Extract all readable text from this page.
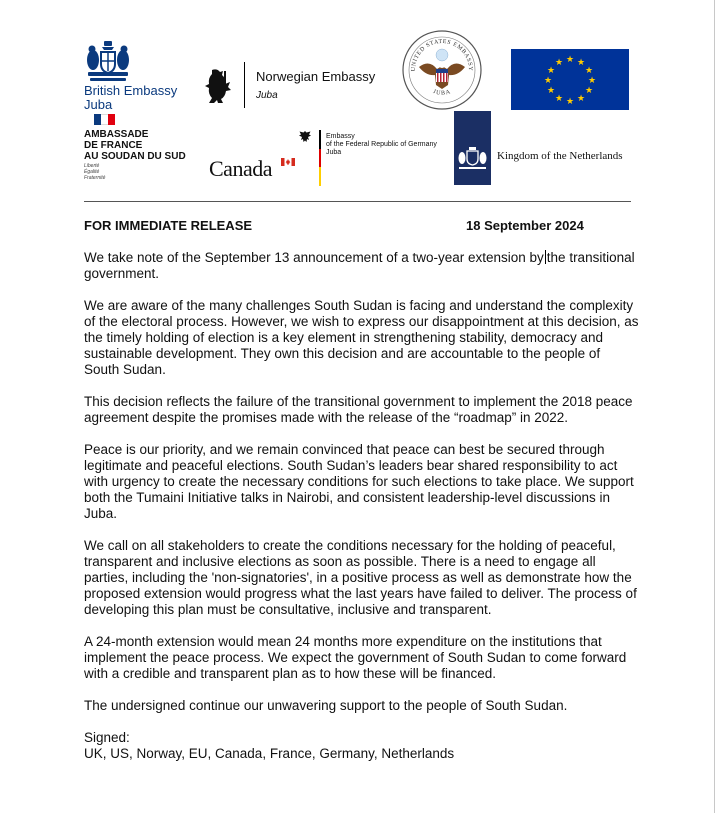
British Embassy
Juba
Norwegian Embassy
Juba
UNITED STATES EMBASSY
JUBA
★ ★
★
★
★
★
★
★
★
★
★
★
AMBASSADE
DE FRANCE
AU SOUDAN DU SUD
Liberté
Égalité
Fraternité	Canada
Embassy
of the Federal Republic of Germany
Juba	Kingdom of the Netherlands
FOR IMMEDIATE RELEASE	18 September 2024

We take note of the September 13 announcement of a two-year extension by the transitional government.

We are aware of the many challenges South Sudan is facing and understand the complexity of the electoral process. However, we wish to express our disappointment at this decision, as the timely holding of election is a key element in strengthening stability, democracy and sustainable development. They own this decision and are accountable to the people of South Sudan.

This decision reflects the failure of the transitional government to implement the 2018 peace agreement despite the promises made with the release of the “roadmap” in 2022.

Peace is our priority, and we remain convinced that peace can best be secured through legitimate and peaceful elections. South Sudan’s leaders bear shared responsibility to act with urgency to create the necessary conditions for such elections to take place. We support both the Tumaini Initiative talks in Nairobi, and consistent leadership-level discussions in Juba.

We call on all stakeholders to create the conditions necessary for the holding of peaceful, transparent and inclusive elections as soon as possible. There is a need to engage all parties, including the 'non-signatories', in a positive process as well as demonstrate how the proposed extension would progress what the last years have failed to deliver. The process of developing this plan must be consultative, inclusive and transparent.

A 24-month extension would mean 24 months more expenditure on the institutions that implement the peace process. We expect the government of South Sudan to come forward with a credible and transparent plan as to how these will be financed.

The undersigned continue our unwavering support to the people of South Sudan.

Signed:

UK, US, Norway, EU, Canada, France, Germany, Netherlands
